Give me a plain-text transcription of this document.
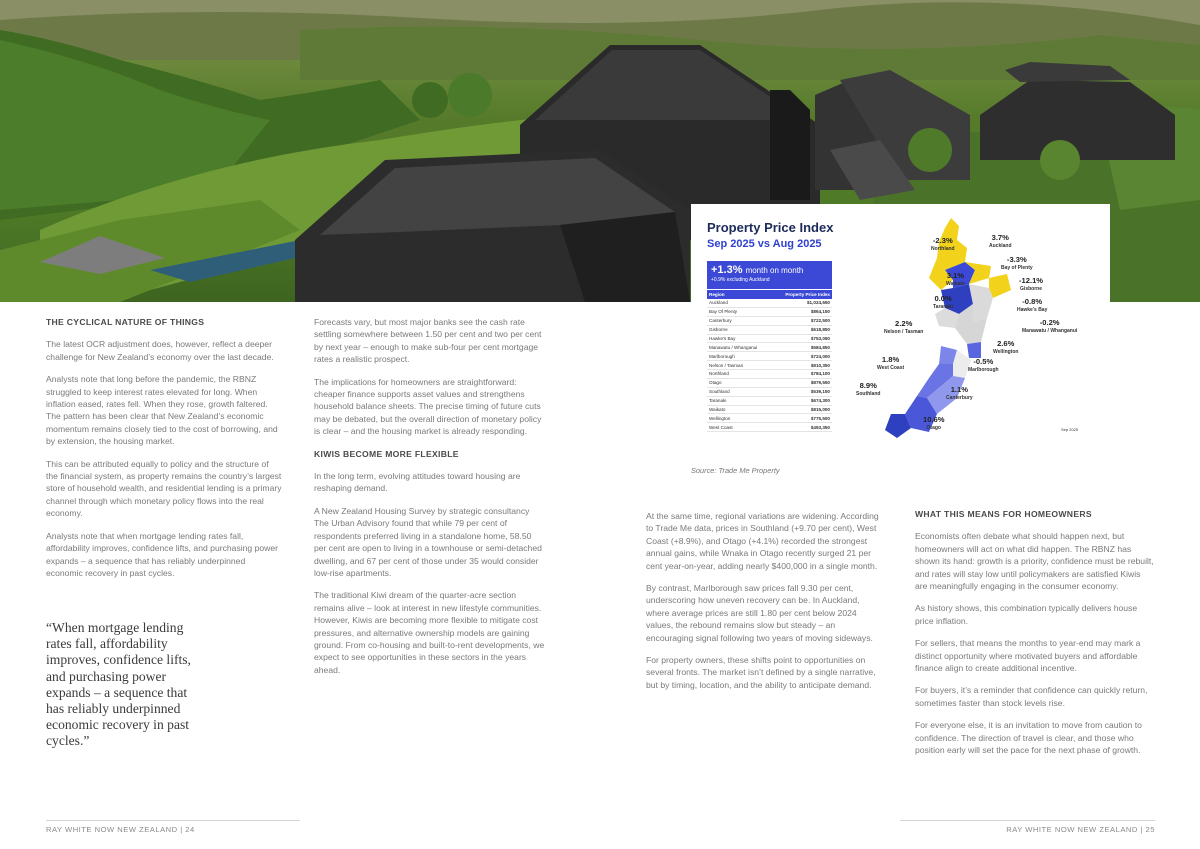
Property Price Index
Sep 2025 vs Aug 2025
+1.3% month on month
+0.9% excluding Auckland
Region	Property Price Index
Auckland	$1,024,650
Bay Of Plenty	$864,150
Canterbury	$722,500
Gisborne	$618,850
Hawke's Bay	$753,050
Manawatu / Whanganui	$584,850
Marlborough	$724,000
Nelson / Tasman	$810,350
Northland	$784,100
Otago	$879,550
Southland	$539,150
Taranaki	$674,300
Waikato	$815,000
Wellington	$775,500
West Coast	$493,350
-2.3%
Northland
3.7%
Auckland
-3.3%
Bay of Plenty
3.1%
Waikato	-12.1%
Gisborne
0.0%
Taranaki
-0.8%
Hawke's Bay
2.2%
Nelson / Tasman
-0.2%
Manawatu / Whanganui
2.6%
Wellington
1.8%
West Coast
-0.5%
Marlborough
8.9%
Southland	1.1%
Canterbury
10.6%
Otago	Sep 2025
Source: Trade Me Property
THE CYCLICAL NATURE OF THINGS

The latest OCR adjustment does, however, reflect a deeper challenge for New Zealand’s economy over the last decade.

Analysts note that long before the pandemic, the RBNZ struggled to keep interest rates elevated for long. When inflation eased, rates fell. When they rose, growth faltered. The pattern has been clear that New Zealand’s economic momentum remains closely tied to the cost of borrowing, and by extension, the housing market.

This can be attributed equally to policy and the structure of the financial system, as property remains the country’s largest store of household wealth, and residential lending is a primary channel through which monetary policy flows into the real economy.

Analysts note that when mortgage lending rates fall, affordability improves, confidence lifts, and purchasing power expands – a sequence that has reliably underpinned economic recovery in past cycles.

“When mortgage lending rates fall, affordability improves, confidence lifts, and purchasing power expands – a sequence that has reliably underpinned economic recovery in past cycles.”

Forecasts vary, but most major banks see the cash rate settling somewhere between 1.50 per cent and two per cent by next year – enough to make sub-four per cent mortgage rates a realistic prospect.

The implications for homeowners are straightforward: cheaper finance supports asset values and strengthens household balance sheets. The precise timing of future cuts may be debated, but the overall direction of monetary policy is clear – and the housing market is already responding.

KIWIS BECOME MORE FLEXIBLE

In the long term, evolving attitudes toward housing are reshaping demand.

A New Zealand Housing Survey by strategic consultancy The Urban Advisory found that while 79 per cent of respondents preferred living in a standalone home, 58.50 per cent are open to living in a townhouse or semi-detached dwelling, and 67 per cent of those under 35 would consider low-rise apartments.

The traditional Kiwi dream of the quarter-acre section remains alive – look at interest in new lifestyle communities. However, Kiwis are becoming more flexible to mitigate cost pressures, and alternative ownership models are gaining ground. From co-housing and built-to-rent developments, we expect to see opportunities in these sectors in the years ahead.

At the same time, regional variations are widening. According to Trade Me data, prices in Southland (+9.70 per cent), West Coast (+8.9%), and Otago (+4.1%) recorded the strongest annual gains, while W​naka in Otago recently surged 21 per cent year-on-year, adding nearly $400,000 in a single month.

By contrast, Marlborough saw prices fall 9.30 per cent, underscoring how uneven recovery can be. In Auckland, where average prices are still 1.80 per cent below 2024 values, the rebound remains slow but steady – an encouraging signal following two years of moving sideways.

For property owners, these shifts point to opportunities on several fronts. The market isn’t defined by a single narrative, but by timing, location, and the ability to anticipate demand.

WHAT THIS MEANS FOR HOMEOWNERS

Economists often debate what should happen next, but homeowners will act on what did happen. The RBNZ has shown its hand: growth is a priority, confidence must be rebuilt, and rates will stay low until policymakers are satisfied Kiwis are meaningfully engaging in the consumer economy.

As history shows, this combination typically delivers house price inflation.

For sellers, that means the months to year-end may mark a distinct opportunity where motivated buyers and affordable finance align to create additional incentive.

For buyers, it’s a reminder that confidence can quickly return, sometimes faster than stock levels rise.

For everyone else, it is an invitation to move from caution to confidence. The direction of travel is clear, and those who position early will set the pace for the next phase of growth.

RAY WHITE NOW NEW ZEALAND | 24	RAY WHITE NOW NEW ZEALAND | 25
